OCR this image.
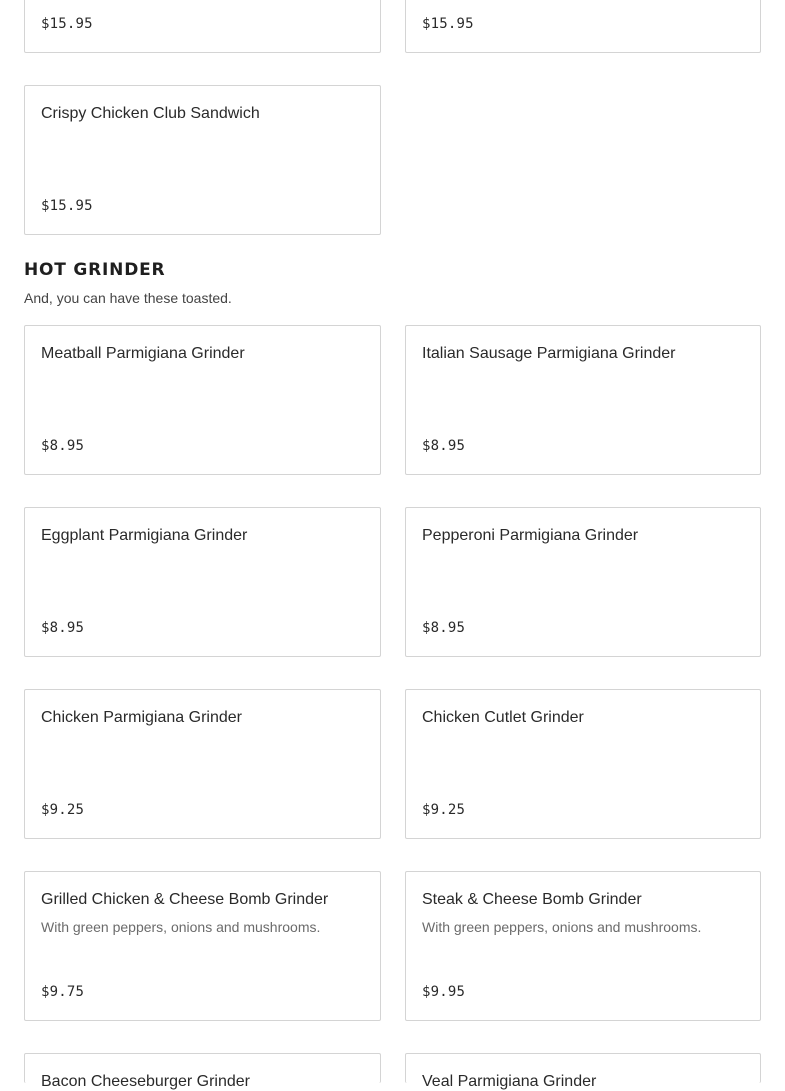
$15.95	$15.95
Crispy Chicken Club Sandwich
$15.95
HOT GRINDER

And, you can have these toasted.

Meatball Parmigiana Grinder
$8.95
Italian Sausage Parmigiana Grinder
$8.95
Eggplant Parmigiana Grinder
$8.95
Pepperoni Parmigiana Grinder
$8.95
Chicken Parmigiana Grinder
$9.25
Chicken Cutlet Grinder
$9.25
Grilled Chicken & Cheese Bomb Grinder
With green peppers, onions and mushrooms.
$9.75
Steak & Cheese Bomb Grinder
With green peppers, onions and mushrooms.
$9.95
Bacon Cheeseburger Grinder	Veal Parmigiana Grinder
